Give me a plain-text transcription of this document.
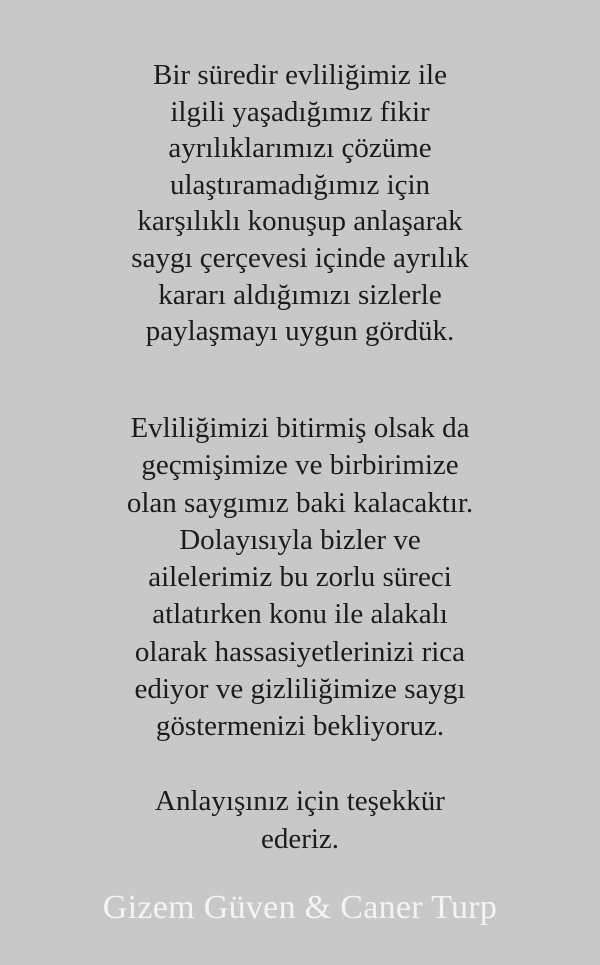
Bir süredir evliliğimiz ile
ilgili yaşadığımız fikir
ayrılıklarımızı çözüme
ulaştıramadığımız için
karşılıklı konuşup anlaşarak
saygı çerçevesi içinde ayrılık
kararı aldığımızı sizlerle
paylaşmayı uygun gördük.
Evliliğimizi bitirmiş olsak da
geçmişimize ve birbirimize
olan saygımız baki kalacaktır.
Dolayısıyla bizler ve
ailelerimiz bu zorlu süreci
atlatırken konu ile alakalı
olarak hassasiyetlerinizi rica
ediyor ve gizliliğimize saygı
göstermenizi bekliyoruz.
Anlayışınız için teşekkür
ederiz.
Gizem Güven & Caner Turp
